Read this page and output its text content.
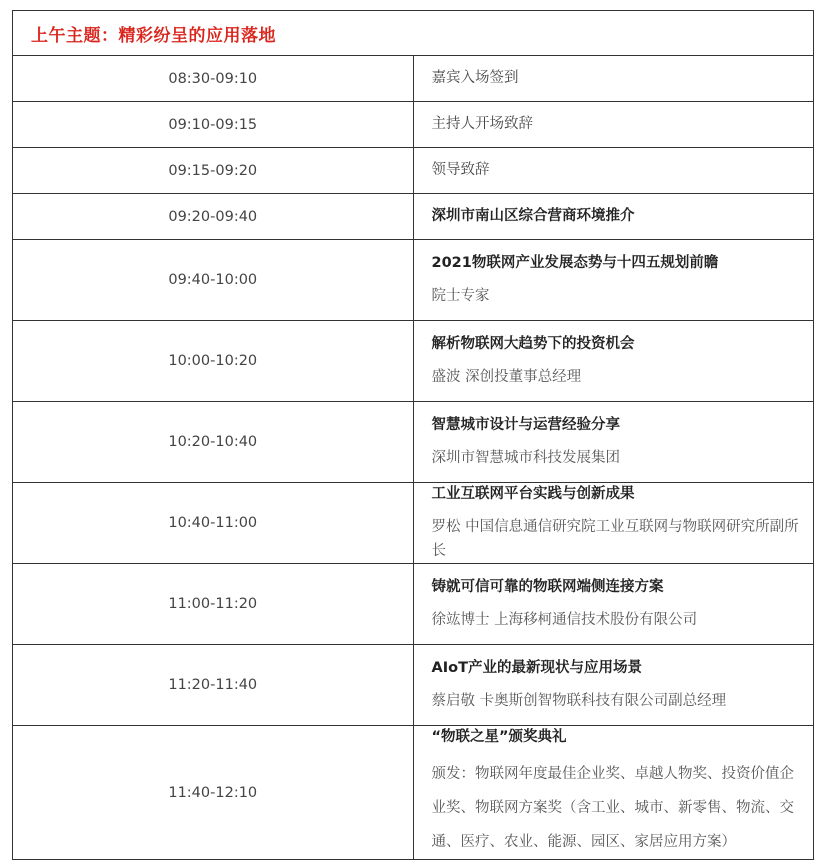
上午主题：精彩纷呈的应用落地	
08:30-09:10	嘉宾入场签到

09:10-09:15	主持人开场致辞

09:15-09:20	领导致辞

09:20-09:40	深圳市南山区综合营商环境推介

09:40-10:00	2021物联网产业发展态势与十四五规划前瞻
院士专家

10:00-10:20	解析物联网大趋势下的投资机会
盛波 深创投董事总经理

10:20-10:40	智慧城市设计与运营经验分享
深圳市智慧城市科技发展集团

10:40-11:00	工业互联网平台实践与创新成果
罗松 中国信息通信研究院工业互联网与物联网研究所副所长

11:00-11:20	铸就可信可靠的物联网端侧连接方案
徐竑博士 上海移柯通信技术股份有限公司

11:20-11:40	AIoT产业的最新现状与应用场景
蔡启敬 卡奥斯创智物联科技有限公司副总经理

11:40-12:10	“物联之星”颁奖典礼
颁发：物联网年度最佳企业奖、卓越人物奖、投资价值企业奖、物联网方案奖（含工业、城市、新零售、物流、交通、医疗、农业、能源、园区、家居应用方案）
